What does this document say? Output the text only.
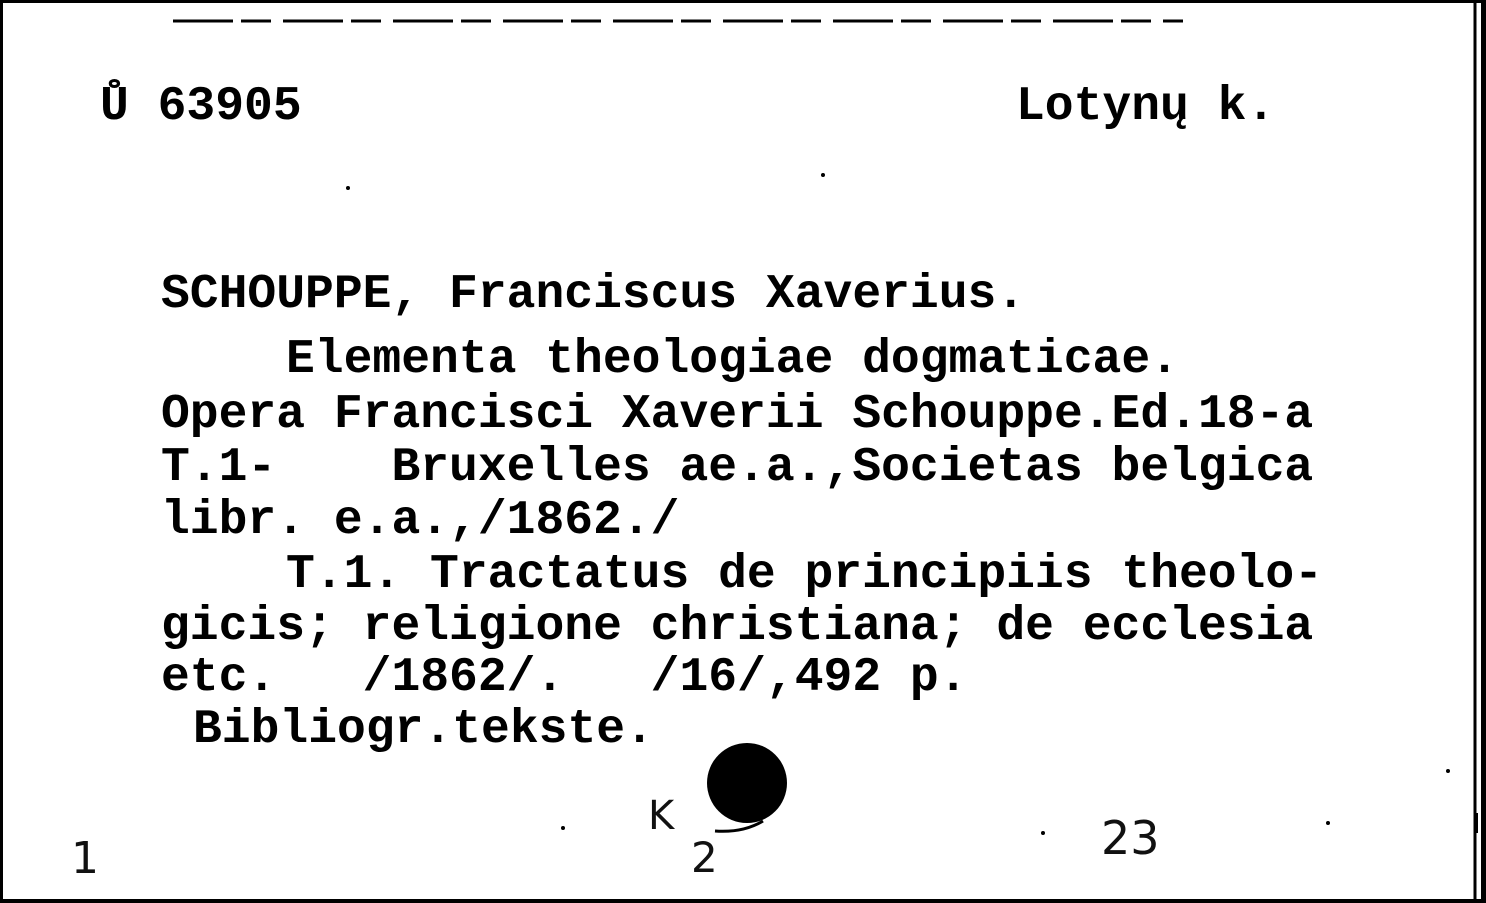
Ů 63905	Lotynų k.

SCHOUPPE, Franciscus Xaverius.

Elementa theologiae dogmaticae.

Opera Francisci Xaverii Schouppe.Ed.18-a

T.1-    Bruxelles ae.a.,Societas belgica

libr. e.a.,/1862./

T.1. Tractatus de principiis theolo-

gicis; religione christiana; de ecclesia

etc.   /1862/.   /16/,492 p.

Bibliogr.tekste.

1

K

2	23
